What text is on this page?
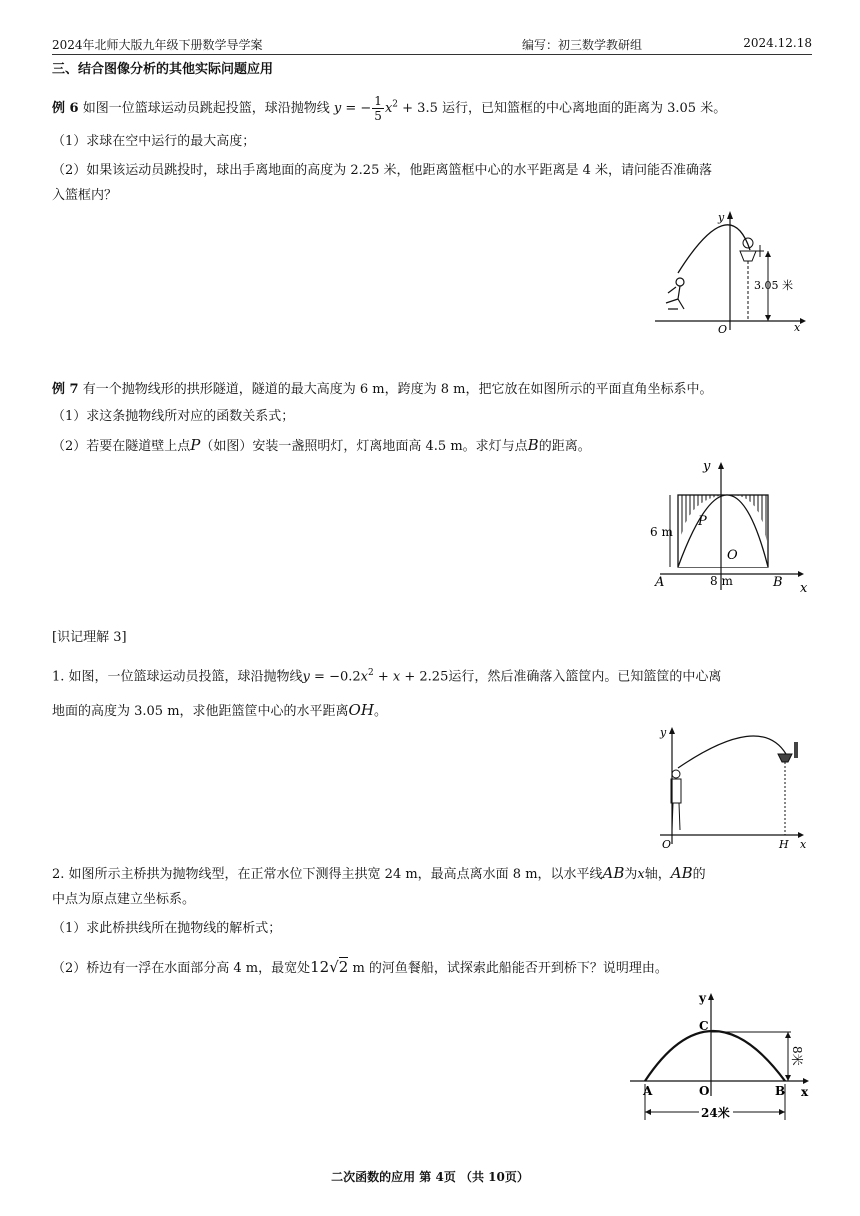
2024年北师大版九年级下册数学导学案	编写：初三数学教研组	2024.12.18
三、结合图像分析的其他实际问题应用
例 6 如图一位篮球运动员跳起投篮，球沿抛物线 y = − $\frac{1}{5} x^2 + 3.5$ 运行，已知篮框的中心离地面的距离为 3.05 米。
（1）求球在空中运行的最大高度；
（2）如果该运动员跳投时，球出手离地面的高度为 2.25 米，他距离篮框中心的水平距离是 4 米，请问能否准确落
入篮框内？
3.05 米
O
y
x
例 7 有一个抛物线形的拱形隧道，隧道的最大高度为 6 m，跨度为 8 m，把它放在如图所示的平面直角坐标系中。
（1）求这条抛物线所对应的函数关系式；
（2）若要在隧道壁上点P（如图）安装一盏照明灯，灯离地面高 4.5 m。求灯与点B的距离。
6 m
8 m
A	B
P
O
y
x
[识记理解 3]
1. 如图，一位篮球运动员投篮，球沿抛物线$y = -0.2x^2 + x + 2.25$运行，然后准确落入篮筐内。已知篮筐的中心离
地面的高度为 3.05 m，求他距篮筐中心的水平距离OH。
O	H
y
x
2. 如图所示主桥拱为抛物线型，在正常水位下测得主拱宽 24 m，最高点离水面 8 m，以水平线AB为x轴，AB的
中点为原点建立坐标系。
（1）求此桥拱线所在抛物线的解析式；
（2）桥边有一浮在水面部分高 4 m，最宽处12√2 m 的河鱼餐船，试探索此船能否开到桥下？说明理由。
8米
24米
A	B
C
O
y
x
二次函数的应用 第 4页 （共 10页）
